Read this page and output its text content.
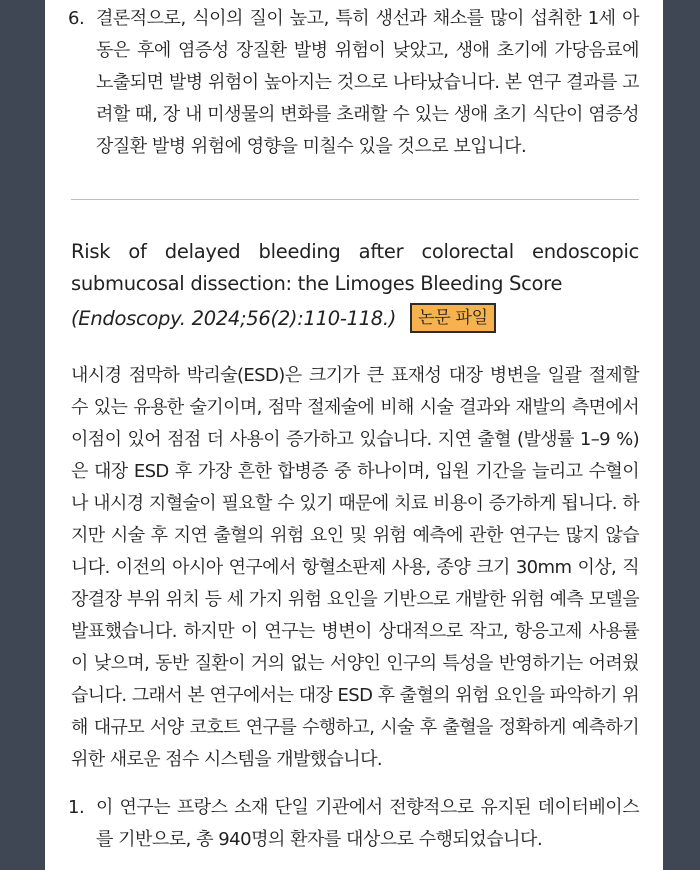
6. 결론적으로, 식이의 질이 높고, 특히 생선과 채소를 많이 섭취한 1세 아동은 후에 염증성 장질환 발병 위험이 낮았고, 생애 초기에 가당음료에 노출되면 발병 위험이 높아지는 것으로 나타났습니다. 본 연구 결과를 고려할 때, 장 내 미생물의 변화를 초래할 수 있는 생애 초기 식단이 염증성 장질환 발병 위험에 영향을 미칠수 있을 것으로 보입니다.
Risk of delayed bleeding after colorectal endoscopic submucosal dissection: the Limoges Bleeding Score
(Endoscopy. 2024;56(2):110-118.)	논문 파일
내시경 점막하 박리술(ESD)은 크기가 큰 표재성 대장 병변을 일괄 절제할 수 있는 유용한 술기이며, 점막 절제술에 비해 시술 결과와 재발의 측면에서 이점이 있어 점점 더 사용이 증가하고 있습니다. 지연 출혈 (발생률 1–9 %) 은 대장 ESD 후 가장 흔한 합병증 중 하나이며, 입원 기간을 늘리고 수혈이나 내시경 지혈술이 필요할 수 있기 때문에 치료 비용이 증가하게 됩니다. 하지만 시술 후 지연 출혈의 위험 요인 및 위험 예측에 관한 연구는 많지 않습니다. 이전의 아시아 연구에서 항혈소판제 사용, 종양 크기 30mm 이상, 직장결장 부위 위치 등 세 가지 위험 요인을 기반으로 개발한 위험 예측 모델을 발표했습니다. 하지만 이 연구는 병변이 상대적으로 작고, 항응고제 사용률이 낮으며, 동반 질환이 거의 없는 서양인 인구의 특성을 반영하기는 어려웠습니다. 그래서 본 연구에서는 대장 ESD 후 출혈의 위험 요인을 파악하기 위해 대규모 서양 코호트 연구를 수행하고, 시술 후 출혈을 정확하게 예측하기 위한 새로운 점수 시스템을 개발했습니다.
1. 이 연구는 프랑스 소재 단일 기관에서 전향적으로 유지된 데이터베이스를 기반으로, 총 940명의 환자를 대상으로 수행되었습니다.
